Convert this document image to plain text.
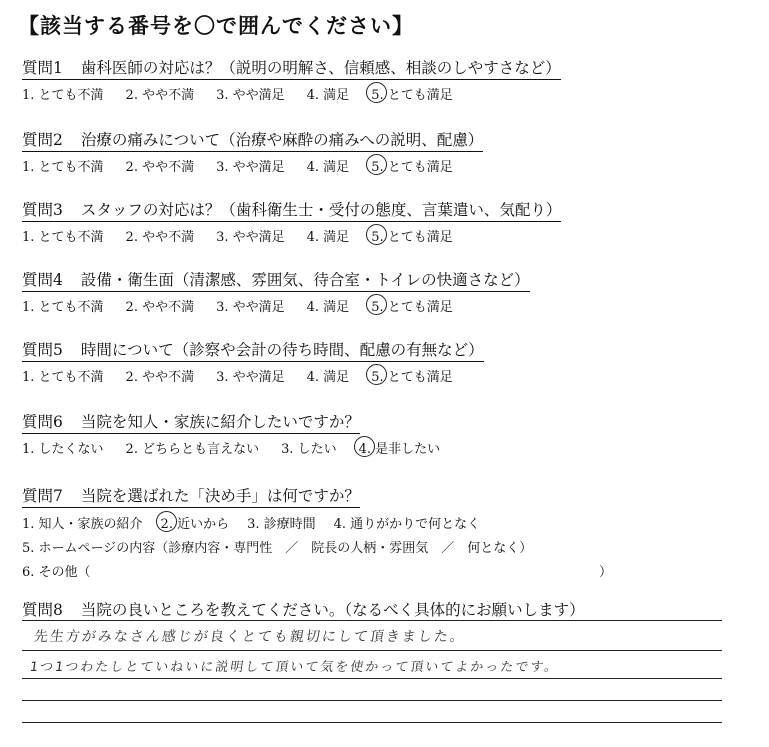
【該当する番号を〇で囲んでください】
質問1 歯科医師の対応は？（説明の明解さ、信頼感、相談のしやすさなど）
1. とても不満 2. やや不満 3. やや満足 4. 満足 5. とても満足
質問2 治療の痛みについて（治療や麻酔の痛みへの説明、配慮）
1. とても不満 2. やや不満 3. やや満足 4. 満足 5. とても満足
質問3 スタッフの対応は？（歯科衛生士・受付の態度、言葉遣い、気配り）
1. とても不満 2. やや不満 3. やや満足 4. 満足 5. とても満足
質問4 設備・衛生面（清潔感、雰囲気、待合室・トイレの快適さなど）
1. とても不満 2. やや不満 3. やや満足 4. 満足 5. とても満足
質問5 時間について（診察や会計の待ち時間、配慮の有無など）
1. とても不満 2. やや不満 3. やや満足 4. 満足 5. とても満足
質問6 当院を知人・家族に紹介したいですか？
1. したくない 2. どちらとも言えない 3. したい 4. 是非したい
質問7 当院を選ばれた「決め手」は何ですか？
1. 知人・家族の紹介 2. 近いから 3. 診療時間 4. 通りがかりで何となく
5. ホームページの内容（診療内容・専門性　／　院長の人柄・雰囲気　／　何となく）
6. その他（	）
質問8 当院の良いところを教えてください。（なるべく具体的にお願いします）
先生方がみなさん感じが良くとても親切にして頂きました。
1つ1つわたしとていねいに説明して頂いて気を使かって頂いてよかったです。
